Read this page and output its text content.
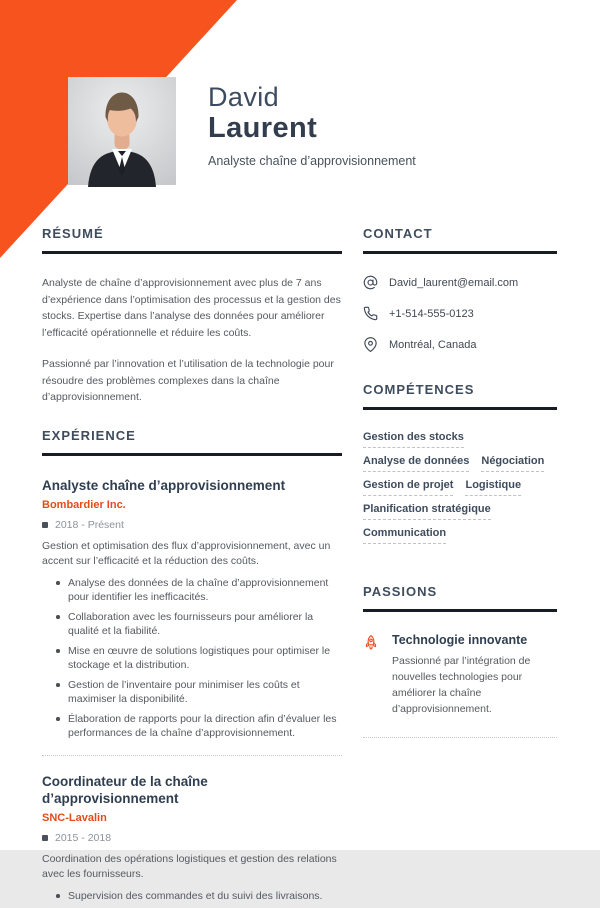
David
Laurent
Analyste chaîne d’approvisionnement
RÉSUMÉ

Analyste de chaîne d’approvisionnement avec plus de 7 ans d’expérience dans l’optimisation des processus et la gestion des stocks. Expertise dans l’analyse des données pour améliorer l’efficacité opérationnelle et réduire les coûts.

Passionné par l’innovation et l’utilisation de la technologie pour résoudre des problèmes complexes dans la chaîne d’approvisionnement.

EXPÉRIENCE
Analyste chaîne d’approvisionnement
Bombardier Inc.
2018 - Présent

Gestion et optimisation des flux d’approvisionnement, avec un accent sur l’efficacité et la réduction des coûts.

Analyse des données de la chaîne d’approvisionnement pour identifier les inefficacités.
Collaboration avec les fournisseurs pour améliorer la qualité et la fiabilité.
Mise en œuvre de solutions logistiques pour optimiser le stockage et la distribution.
Gestion de l’inventaire pour minimiser les coûts et maximiser la disponibilité.
Élaboration de rapports pour la direction afin d’évaluer les performances de la chaîne d’approvisionnement.
Coordinateur de la chaîne d’approvisionnement
SNC-Lavalin
2015 - 2018

Coordination des opérations logistiques et gestion des relations avec les fournisseurs.

Supervision des commandes et du suivi des livraisons.
CONTACT
David_laurent@email.com
+1-514-555-0123
Montréal, Canada
COMPÉTENCES
Gestion des stocks
Analyse de données Négociation
Gestion de projet Logistique
Planification stratégique
Communication
PASSIONS
Technologie innovante

Passionné par l’intégration de nouvelles technologies pour améliorer la chaîne d’approvisionnement.
